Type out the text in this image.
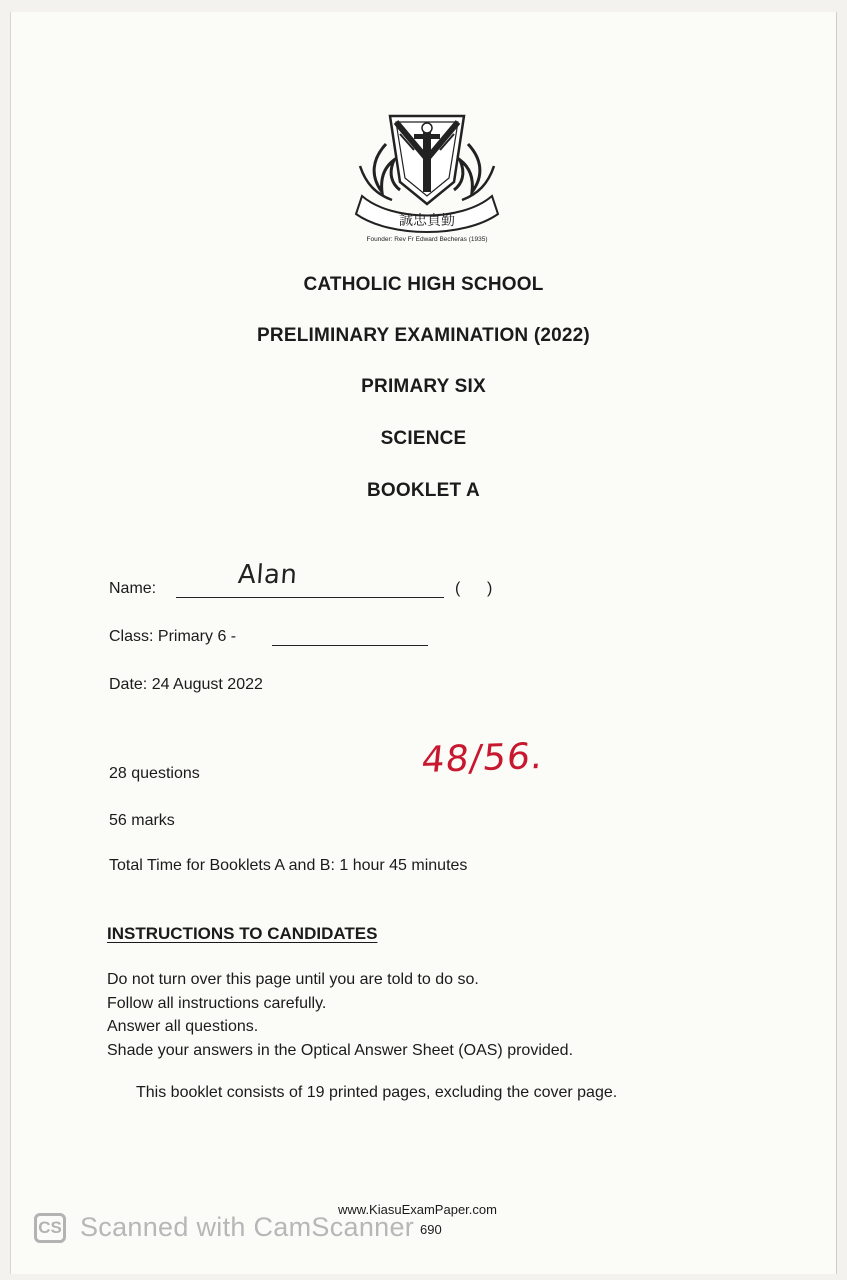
誠忠貞勤
Founder: Rev Fr Edward Becheras (1935)
CATHOLIC HIGH SCHOOL
PRELIMINARY EXAMINATION (2022)
PRIMARY SIX
SCIENCE
BOOKLET A
Name:	Alan	(      )
Class: Primary 6 -
Date: 24 August 2022
48/56.
28 questions
56 marks
Total Time for Booklets A and B: 1 hour 45 minutes
INSTRUCTIONS TO CANDIDATES
Do not turn over this page until you are told to do so.
Follow all instructions carefully.
Answer all questions.
Shade your answers in the Optical Answer Sheet (OAS) provided.
This booklet consists of 19 printed pages, excluding the cover page.
www.KiasuExamPaper.com
690
CS Scanned with CamScanner
